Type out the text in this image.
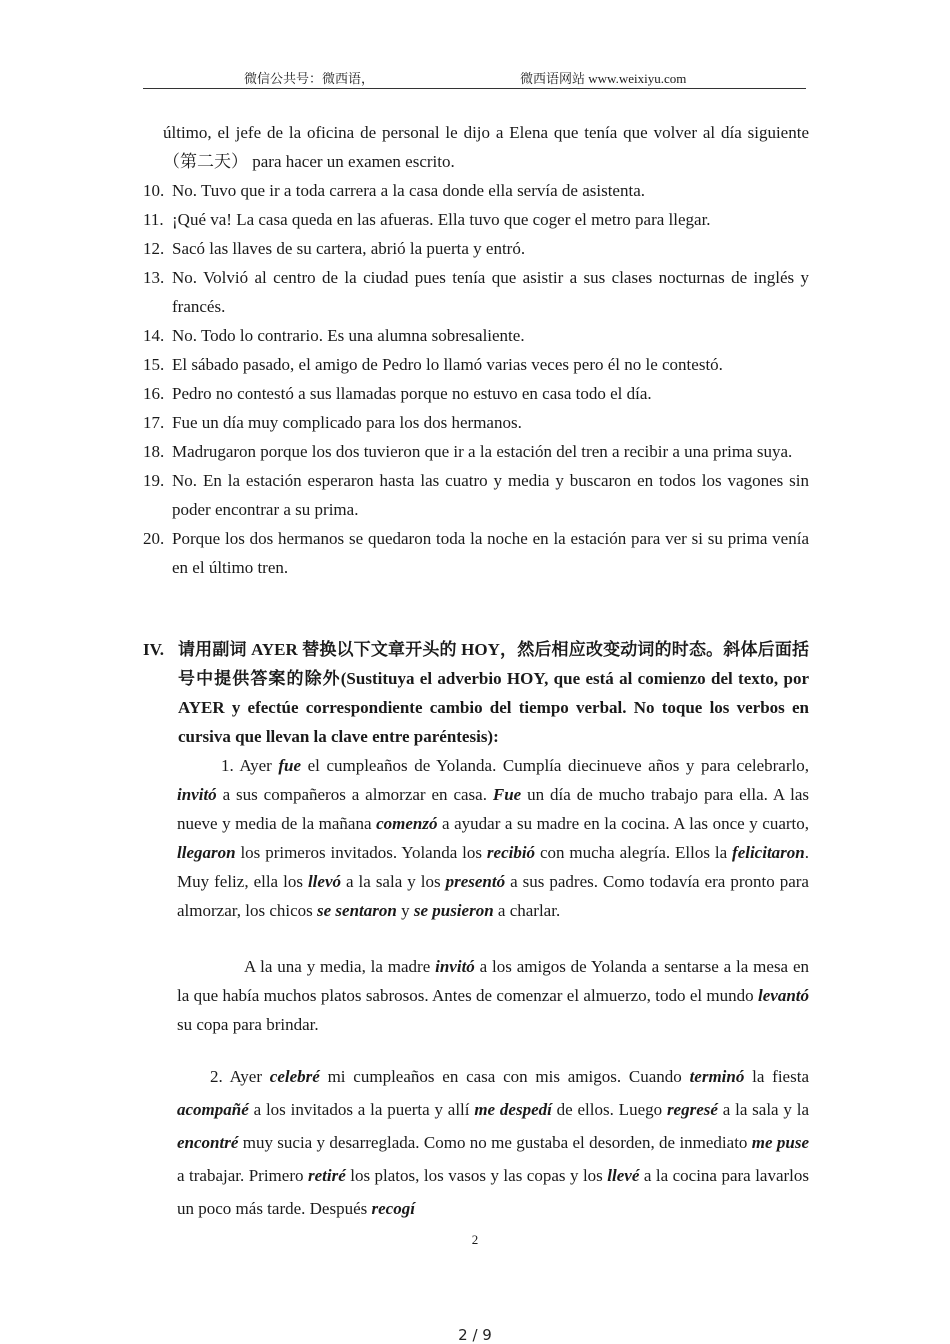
微信公共号：微西语，	微西语网站 www.weixiyu.com
último, el jefe de la oficina de personal le dijo a Elena que tenía que volver al día siguiente（第二天） para hacer un examen escrito.
10. No. Tuvo que ir a toda carrera a la casa donde ella servía de asistenta.
11. ¡Qué va! La casa queda en las afueras. Ella tuvo que coger el metro para llegar.
12. Sacó las llaves de su cartera, abrió la puerta y entró.
13. No. Volvió al centro de la ciudad pues tenía que asistir a sus clases nocturnas de inglés y francés.
14. No. Todo lo contrario. Es una alumna sobresaliente.
15. El sábado pasado, el amigo de Pedro lo llamó varias veces pero él no le contestó.
16. Pedro no contestó a sus llamadas porque no estuvo en casa todo el día.
17. Fue un día muy complicado para los dos hermanos.
18. Madrugaron porque los dos tuvieron que ir a la estación del tren a recibir a una prima suya.
19. No. En la estación esperaron hasta las cuatro y media y buscaron en todos los vagones sin poder encontrar a su prima.
20. Porque los dos hermanos se quedaron toda la noche en la estación para ver si su prima venía en el último tren.
IV. 请用副词 AYER 替换以下文章开头的 HOY，然后相应改变动词的时态。斜体后面括号中提供答案的除外(Sustituya el adverbio HOY, que está al comienzo del texto, por AYER y efectúe correspondiente cambio del tiempo verbal. No toque los verbos en cursiva que llevan la clave entre paréntesis):
1. Ayer fue el cumpleaños de Yolanda. Cumplía diecinueve años y para celebrarlo, invitó a sus compañeros a almorzar en casa. Fue un día de mucho trabajo para ella. A las nueve y media de la mañana comenzó a ayudar a su madre en la cocina. A las once y cuarto, llegaron los primeros invitados. Yolanda los recibió con mucha alegría. Ellos la felicitaron. Muy feliz, ella los llevó a la sala y los presentó a sus padres. Como todavía era pronto para almorzar, los chicos se sentaron y se pusieron a charlar.
A la una y media, la madre invitó a los amigos de Yolanda a sentarse a la mesa en la que había muchos platos sabrosos. Antes de comenzar el almuerzo, todo el mundo levantó su copa para brindar.
2. Ayer celebré mi cumpleaños en casa con mis amigos. Cuando terminó la fiesta acompañé a los invitados a la puerta y allí me despedí de ellos. Luego regresé a la sala y la encontré muy sucia y desarreglada. Como no me gustaba el desorden, de inmediato me puse a trabajar. Primero retiré los platos, los vasos y las copas y los llevé a la cocina para lavarlos un poco más tarde. Después recogí
2
2 / 9
